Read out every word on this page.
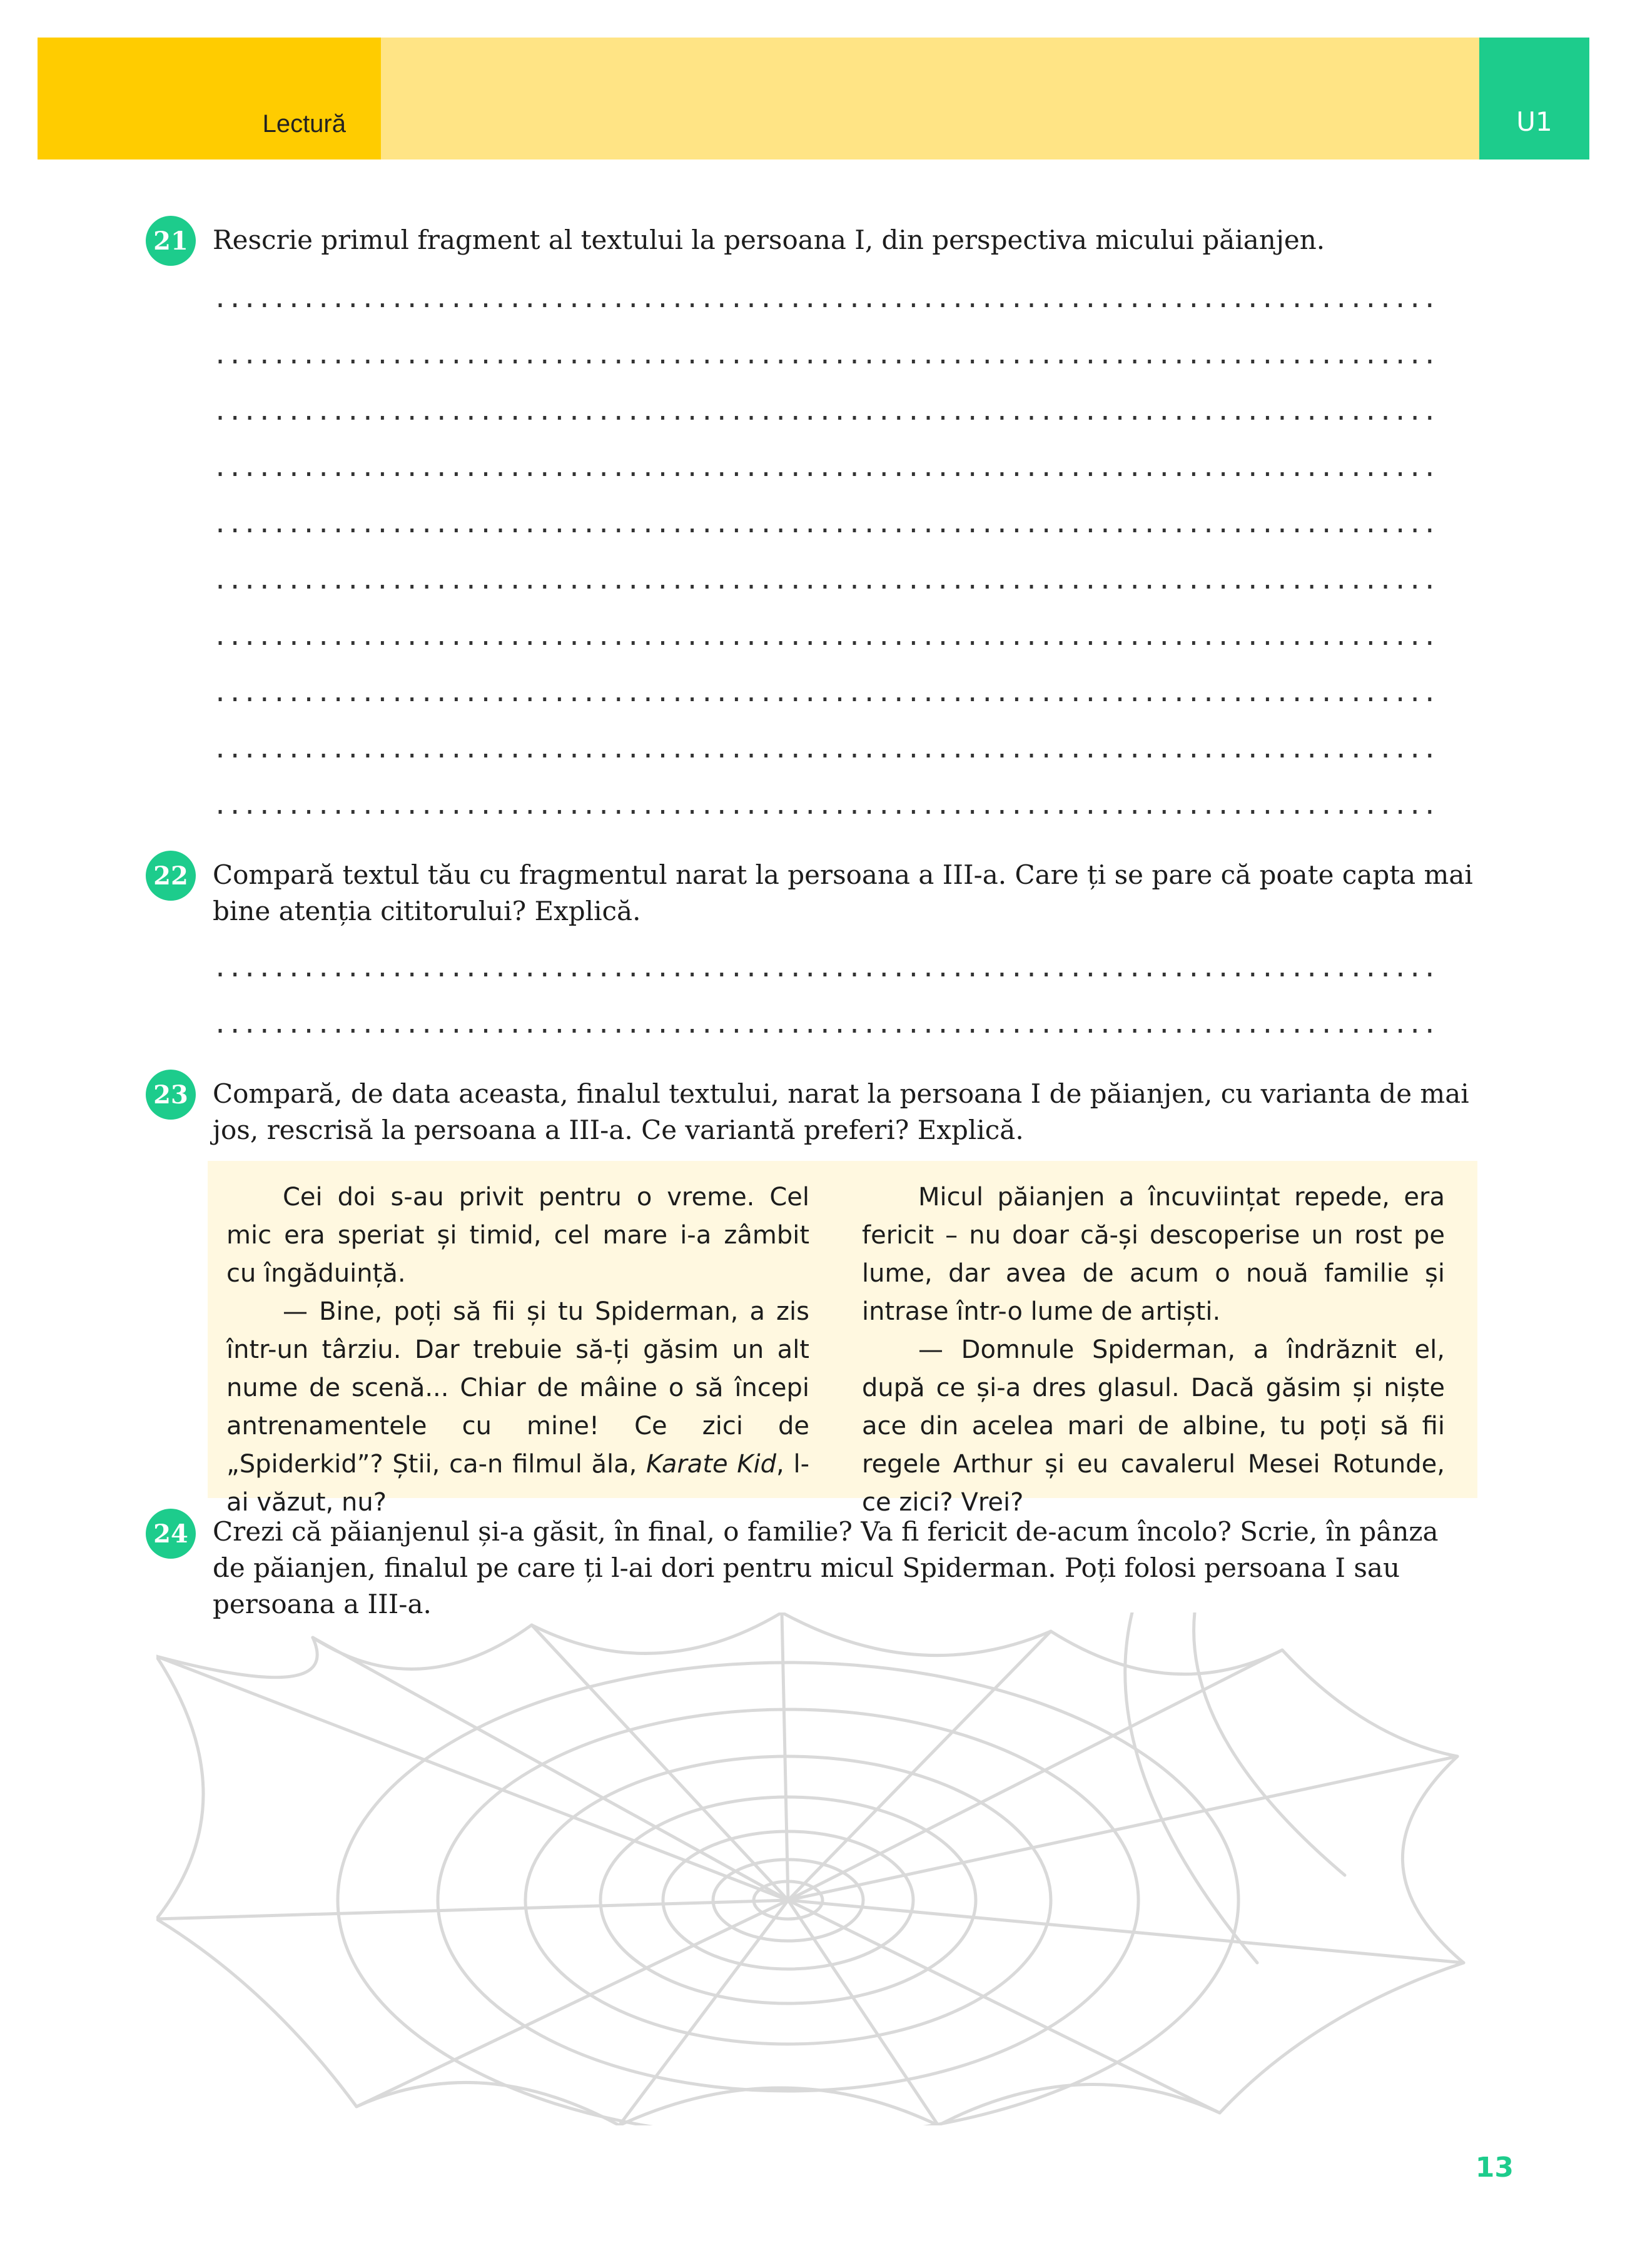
Lectură	U1
21 Rescrie primul fragment al textului la persoana I, din perspectiva micului păianjen.
...................................................................................
...................................................................................
...................................................................................
...................................................................................
...................................................................................
...................................................................................
...................................................................................
...................................................................................
...................................................................................
...................................................................................
22 Compară textul tău cu fragmentul narat la persoana a III-a. Care ți se pare că poate capta mai bine atenția cititorului? Explică.
...................................................................................
...................................................................................
23 Compară, de data aceasta, finalul textului, narat la persoana I de păianjen, cu varianta de mai jos, rescrisă la persoana a III-a. Ce variantă preferi? Explică.

Cei doi s-au privit pentru o vreme. Cel mic era speriat și timid, cel mare i-a zâmbit cu îngăduință.

— Bine, poți să fii și tu Spiderman, a zis într-un târziu. Dar trebuie să-ți găsim un alt nume de scenă... Chiar de mâine o să începi antrenamentele cu mine! Ce zici de „Spiderkid”? Știi, ca-n filmul ăla, Karate Kid, l-ai văzut, nu?

Micul păianjen a încuviințat repede, era fericit – nu doar că-și descoperise un rost pe lume, dar avea de acum o nouă familie și intrase într-o lume de artiști.

— Domnule Spiderman, a îndrăznit el, după ce și-a dres glasul. Dacă găsim și niște ace din acelea mari de albine, tu poți să fii regele Arthur și eu cavalerul Mesei Rotunde, ce zici? Vrei?

24 Crezi că păianjenul și-a găsit, în final, o familie? Va fi fericit de-acum încolo? Scrie, în pânza de păianjen, finalul pe care ți l-ai dori pentru micul Spiderman. Poți folosi persoana I sau persoana a III-a.
13
